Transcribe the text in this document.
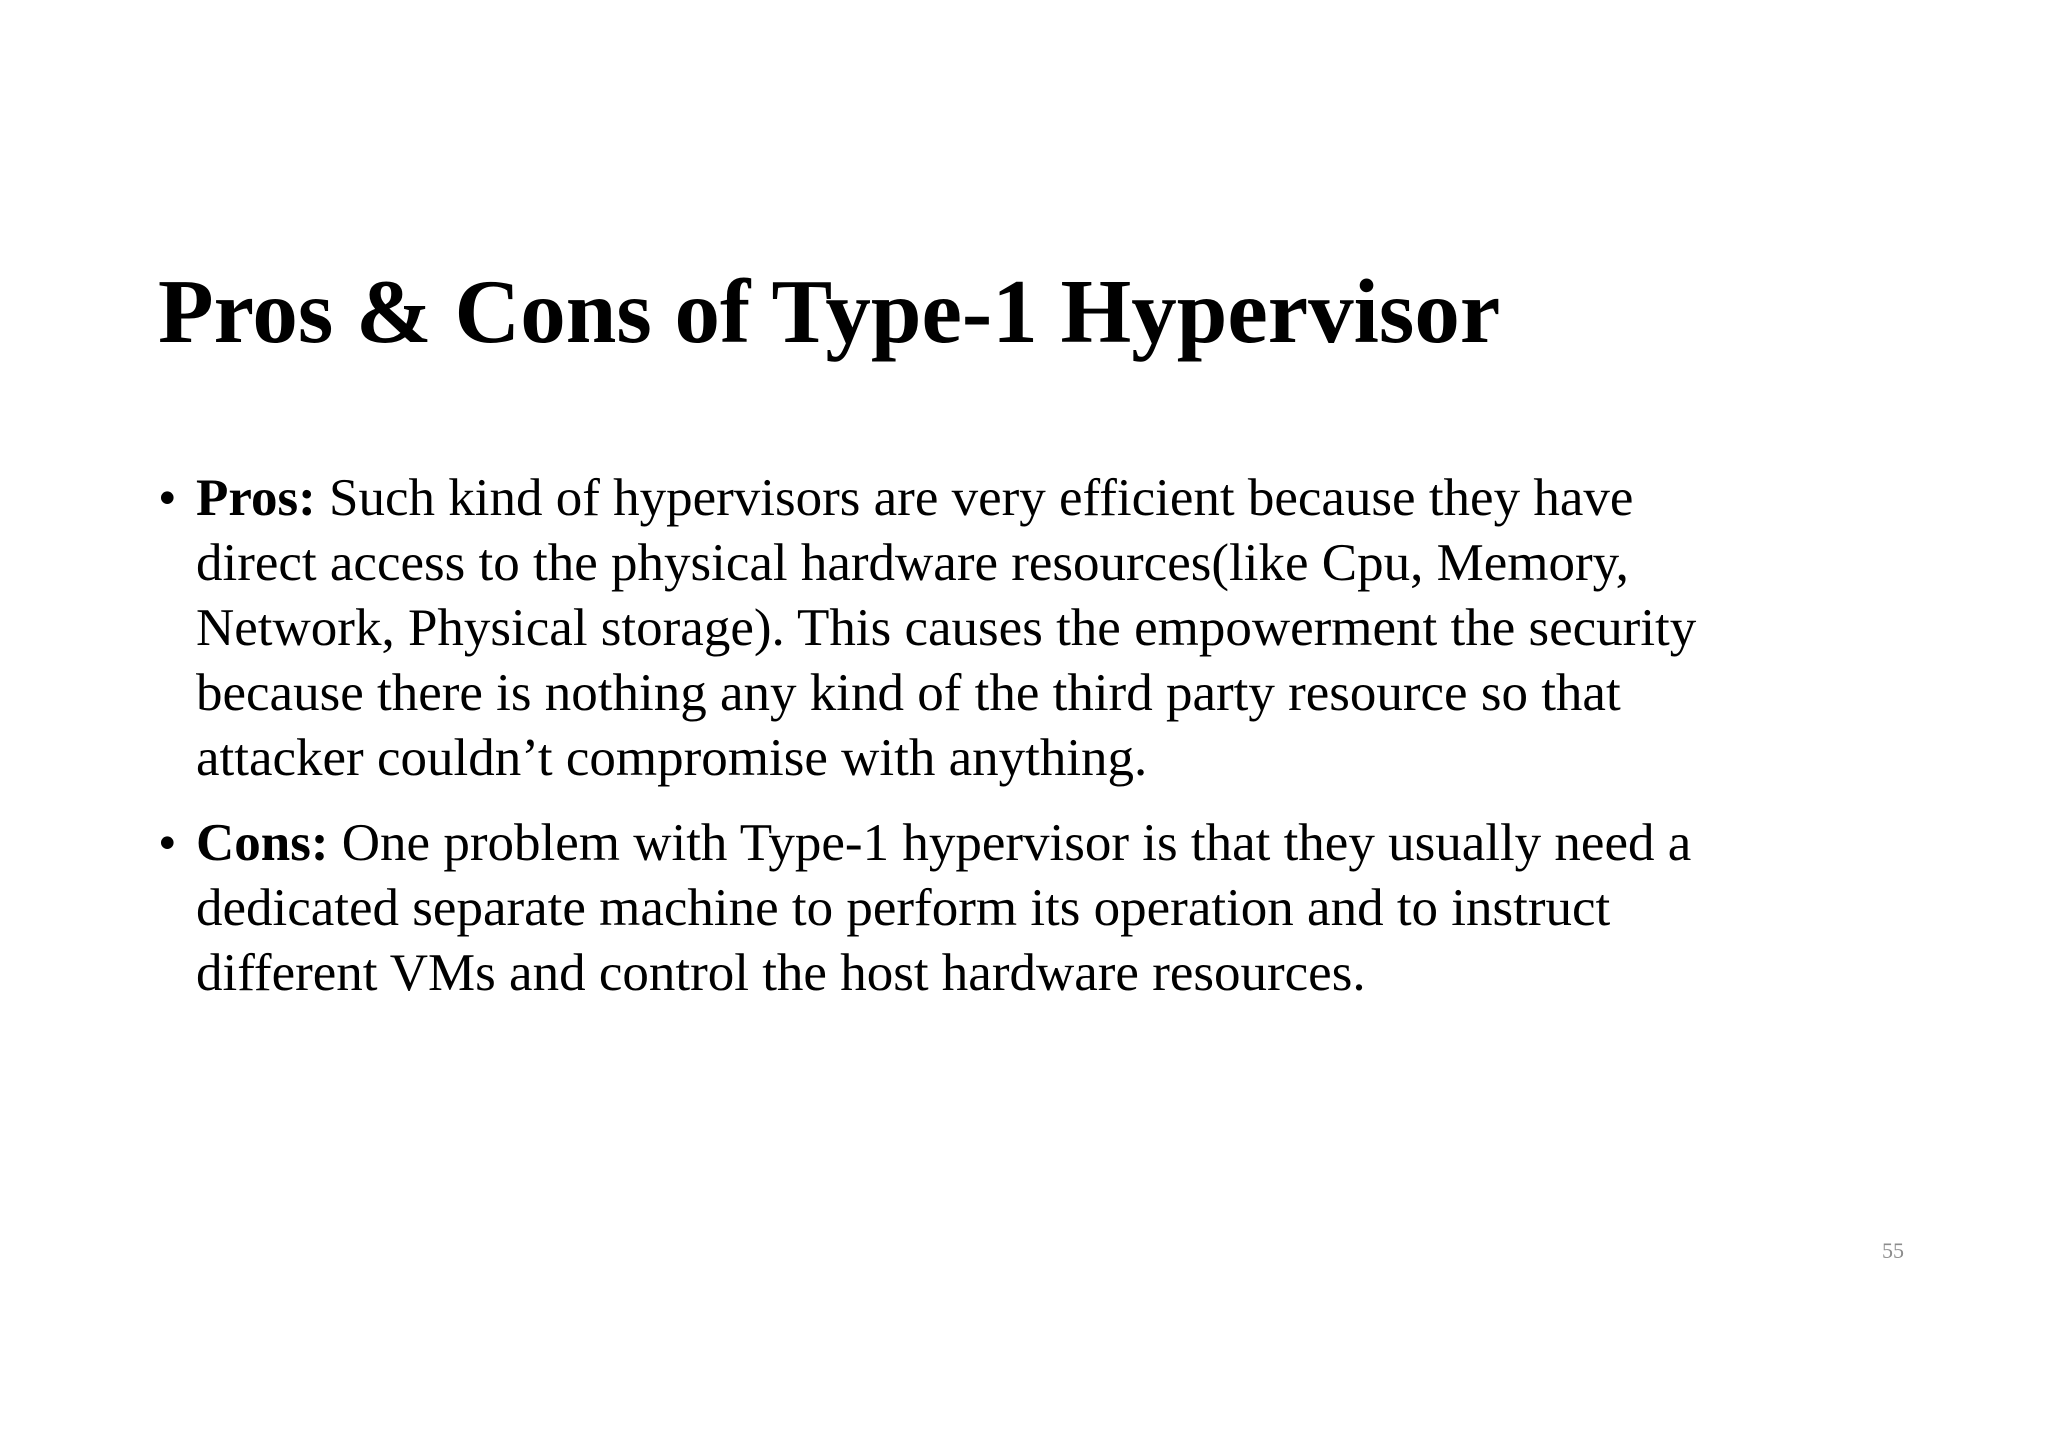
Pros & Cons of Type-1 Hypervisor
• Pros: Such kind of hypervisors are very efficient because they have
direct access to the physical hardware resources(like Cpu, Memory,
Network, Physical storage). This causes the empowerment the security
because there is nothing any kind of the third party resource so that
attacker couldn’t compromise with anything.
• Cons: One problem with Type-1 hypervisor is that they usually need a
dedicated separate machine to perform its operation and to instruct
different VMs and control the host hardware resources.
55
